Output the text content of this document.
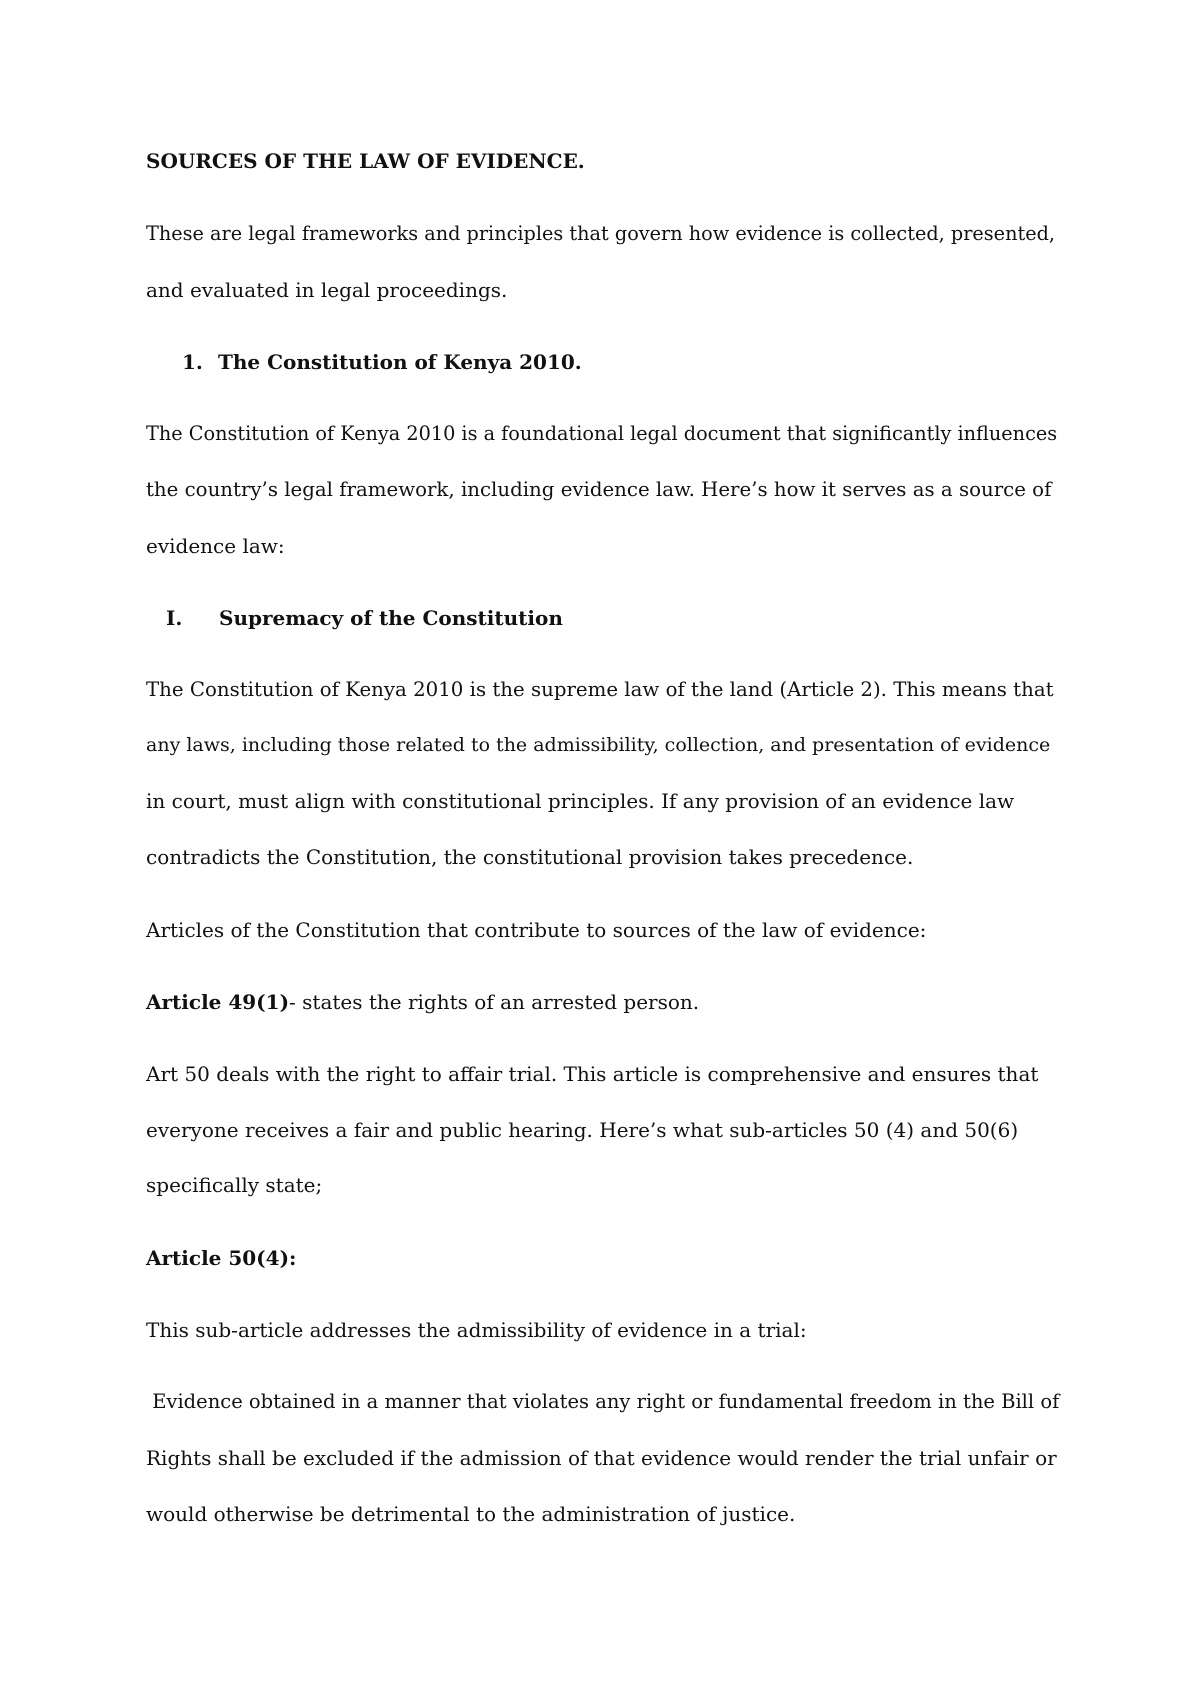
SOURCES OF THE LAW OF EVIDENCE.
These are legal frameworks and principles that govern how evidence is collected, presented,
and evaluated in legal proceedings.
1. The Constitution of Kenya 2010.
The Constitution of Kenya 2010 is a foundational legal document that significantly influences
the country’s legal framework, including evidence law. Here’s how it serves as a source of
evidence law:
I. Supremacy of the Constitution
The Constitution of Kenya 2010 is the supreme law of the land (Article 2). This means that
any laws, including those related to the admissibility, collection, and presentation of evidence
in court, must align with constitutional principles. If any provision of an evidence law
contradicts the Constitution, the constitutional provision takes precedence.
Articles of the Constitution that contribute to sources of the law of evidence:
Article 49(1)- states the rights of an arrested person.
Art 50 deals with the right to affair trial. This article is comprehensive and ensures that
everyone receives a fair and public hearing. Here’s what sub-articles 50 (4) and 50(6)
specifically state;
Article 50(4):
This sub-article addresses the admissibility of evidence in a trial:
Evidence obtained in a manner that violates any right or fundamental freedom in the Bill of
Rights shall be excluded if the admission of that evidence would render the trial unfair or
would otherwise be detrimental to the administration of justice.
